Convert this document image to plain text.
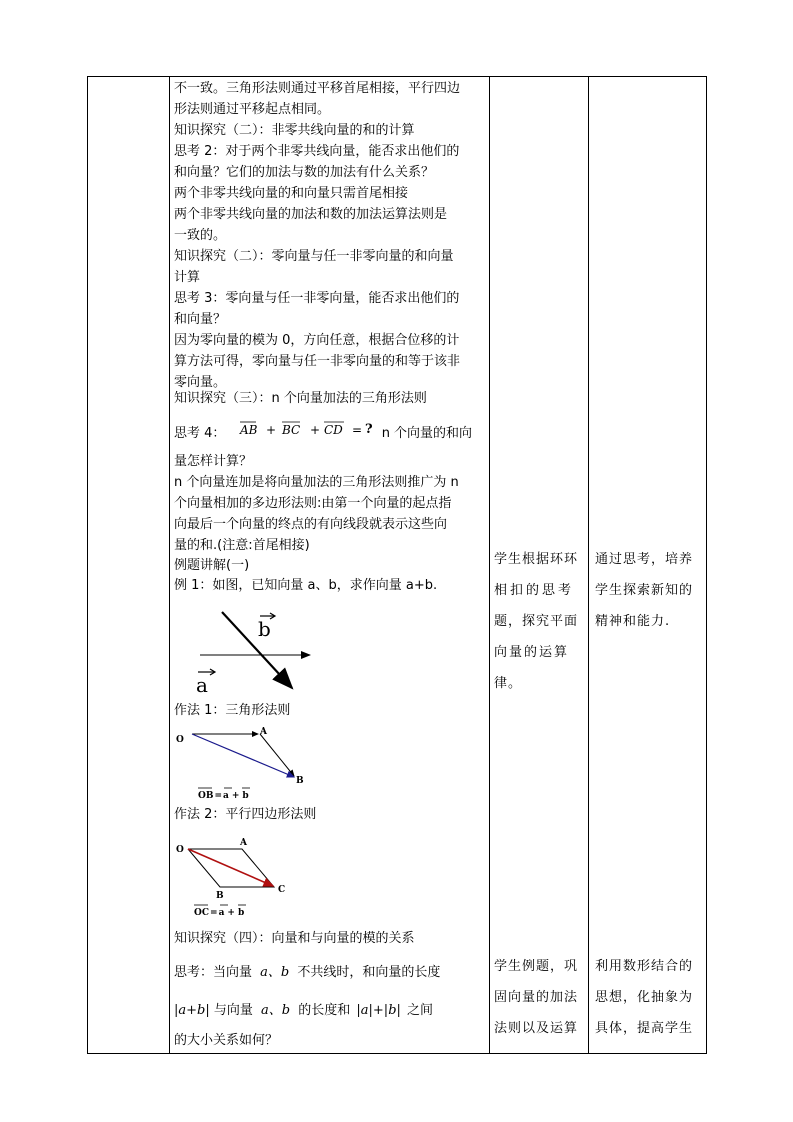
不一致。三角形法则通过平移首尾相接，平行四边
形法则通过平移起点相同。
知识探究（二）：非零共线向量的和的计算
思考 2：对于两个非零共线向量，能否求出他们的
和向量？它们的加法与数的加法有什么关系？
两个非零共线向量的和向量只需首尾相接
两个非零共线向量的加法和数的加法运算法则是
一致的。
知识探究（二）：零向量与任一非零向量的和向量
计算
思考 3：零向量与任一非零向量，能否求出他们的
和向量？
因为零向量的模为 0，方向任意，根据合位移的计
算方法可得，零向量与任一非零向量的和等于该非
零向量。
知识探究（三）：n 个向量加法的三角形法则
思考 4： AB + BC + CD = ? n 个向量的和向
量怎样计算？
n 个向量连加是将向量加法的三角形法则推广为 n
个向量相加的多边形法则:由第一个向量的起点指
向最后一个向量的终点的有向线段就表示这些向
量的和.(注意:首尾相接)
例题讲解(一)
例 1：如图，已知向量 a、b，求作向量 a+b.
b
a
作法 1：三角形法则
O
A
B
OB=a + b
作法 2：平行四边形法则
O
A
B
C
OC=a + b
知识探究（四）：向量和与向量的模的关系
思考：当向量 a、b 不共线时，和向量的长度
|a+b| 与向量 a、b 的长度和 |a|+|b| 之间
的大小关系如何？
学生根据环环
相扣的思考
题，探究平面
向量的运算
律。
学生例题，巩
固向量的加法
法则以及运算
通过思考，培养
学生探索新知的
精神和能力.
利用数形结合的
思想，化抽象为
具体，提高学生
